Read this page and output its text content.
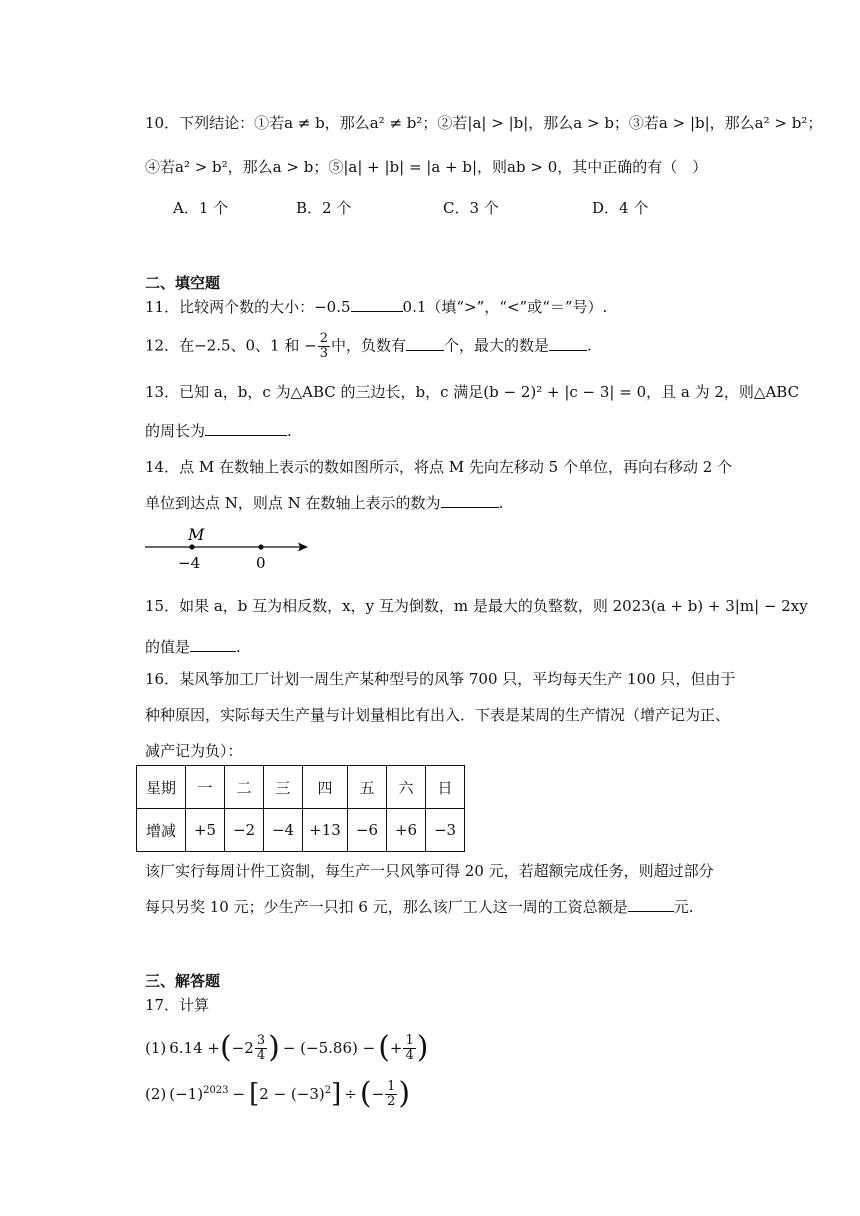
10．下列结论：①若a ≠ b，那么a² ≠ b²；②若|a| > |b|，那么a > b；③若a > |b|，那么a² > b²；
④若a² > b²，那么a > b；⑤|a| + |b| = |a + b|，则ab > 0，其中正确的有（　）
A．1 个	B．2 个	C．3 个	D．4 个
二、填空题
11．比较两个数的大小：−0.5	0.1（填“>”，“<”或“＝”号）.
12．在−2.5、0、1 和 − $\frac{2}{3}$ 中，负数有	个，最大的数是	.
13．已知 a，b，c 为△ABC 的三边长，b，c 满足(b − 2)² + |c − 3| = 0，且 a 为 2，则△ABC
的周长为	.
14．点 M 在数轴上表示的数如图所示，将点 M 先向左移动 5 个单位，再向右移动 2 个
单位到达点 N，则点 N 在数轴上表示的数为	.
M
−4	0
15．如果 a，b 互为相反数，x，y 互为倒数，m 是最大的负整数，则 2023(a + b) + 3|m| − 2xy
的值是	.
16．某风筝加工厂计划一周生产某种型号的风筝 700 只，平均每天生产 100 只，但由于
种种原因，实际每天生产量与计划量相比有出入．下表是某周的生产情况（增产记为正、
减产记为负）：
星期	一	二	三	四	五	六	日
增减	+5	−2	−4	+13	−6	+6	−3
该厂实行每周计件工资制，每生产一只风筝可得 20 元，若超额完成任务，则超过部分
每只另奖 10 元；少生产一只扣 6 元，那么该厂工人这一周的工资总额是	元.
三、解答题
17．计算
(1) 6.14 + ( $-2 \frac{3}{4}$ ) − (−5.86) − ( + $\frac{1}{4}$ )
(2) $(-1)^{2023}$ − [ $2 - (-3)^2$ ] ÷ ( − $\frac{1}{2}$ )
